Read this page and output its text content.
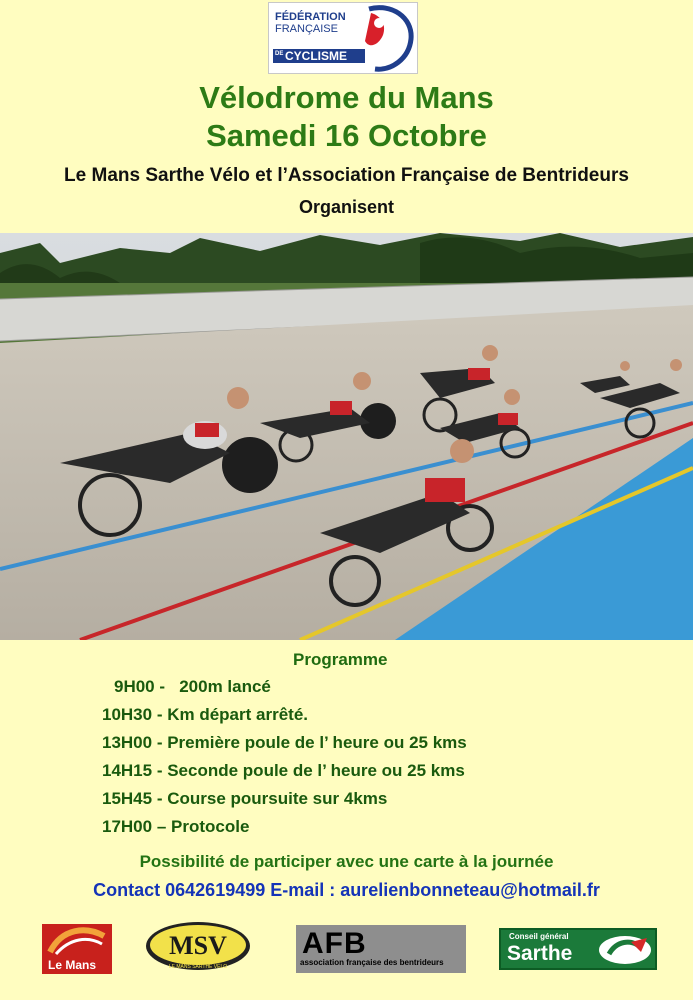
FÉDÉRATION
FRANÇAISE
DE CYCLISME
Vélodrome du Mans
Samedi 16 Octobre
Le Mans Sarthe Vélo et l’Association Française de Bentrideurs
Organisent
Programme
9H00 -   200m lancé
10H30 - Km départ arrêté.
13H00 - Première poule de l’ heure ou 25 kms
14H15 - Seconde poule de l’ heure ou 25 kms
15H45 - Course poursuite sur 4kms
17H00 – Protocole
Possibilité de participer avec une carte à la journée
Contact 0642619499 E-mail : aurelienbonneteau@hotmail.fr
Le Mans
MSV
LE MANS SARTHE VÉLO
AFB
association française des bentrideurs
Conseil général
Sarthe
